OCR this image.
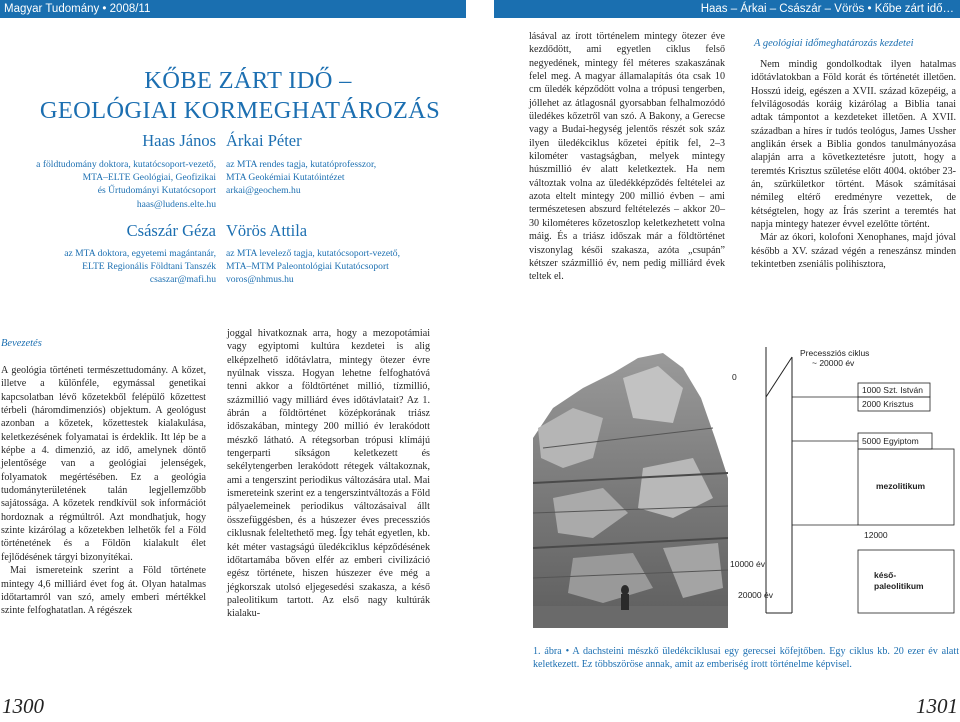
Magyar Tudomány • 2008/11	Haas – Árkai – Császár – Vörös • Kőbe zárt idő…
KŐBE ZÁRT IDŐ –
GEOLÓGIAI KORMEGHATÁROZÁS
Haas János
a földtudomány doktora, kutatócsoport-vezető,
MTA–ELTE Geológiai, Geofizikai
és Űrtudományi Kutatócsoport
haas@ludens.elte.hu
Árkai Péter
az MTA rendes tagja, kutatóprofesszor,
MTA Geokémiai Kutatóintézet
arkai@geochem.hu
Császár Géza
az MTA doktora, egyetemi magántanár,
ELTE Regionális Földtani Tanszék
csaszar@mafi.hu
Vörös Attila
az MTA levelező tagja, kutatócsoport-vezető,
MTA–MTM Paleontológiai Kutatócsoport
voros@nhmus.hu
Bevezetés

A geológia történeti természettudomány. A kőzet, illetve a különféle, egymással genetikai kapcsolatban lévő kőzetekből felépülő kőzettest térbeli (háromdimenziós) objektum. A geológust azonban a kőzetek, kőzettestek kialakulása, keletkezésének folyamatai is érdeklik. Itt lép be a képbe a 4. dimenzió, az idő, amelynek döntő jelentősége van a geológiai jelenségek, folyamatok megértésében. Ez a geológia tudományterületének talán legjellemzőbb sajátossága. A kőzetek rendkívül sok információt hordoznak a régmúltról. Azt mondhatjuk, hogy szinte kizárólag a kőzetekben lelhetők fel a Föld történetének és a Földön kialakult élet fejlődésének tárgyi bizonyítékai.

Mai ismereteink szerint a Föld története mintegy 4,6 milliárd évet fog át. Olyan hatalmas időtartamról van szó, amely emberi mértékkel szinte felfoghatatlan. A régészek

joggal hivatkoznak arra, hogy a mezopotámiai vagy egyiptomi kultúra kezdetei is alig elképzelhető időtávlatra, mintegy ötezer évre nyúlnak vissza. Hogyan lehetne felfoghatóvá tenni akkor a földtörténet millió, tízmillió, százmillió vagy milliárd éves időtávlatait? Az 1. ábrán a földtörténet középkorának triász időszakában, mintegy 200 millió év lerakódott mészkő látható. A rétegsorban trópusi klímájú tengerparti síkságon keletkezett és sekélytengerben lerakódott rétegek váltakoznak, ami a tengerszint periodikus változására utal. Mai ismereteink szerint ez a tengerszintváltozás a Föld pályaelemeinek periodikus változásaival állt összefüggésben, és a húszezer éves precessziós ciklusnak feleltethető meg. Így tehát egyetlen, kb. két méter vastagságú üledékciklus képződésének időtartamába bőven elfér az emberi civilizáció egész története, hiszen húszezer éve még a jégkorszak utolsó eljegesedési szakasza, a késő paleolitikum tartott. Az első nagy kultúrák kialaku-

lásával az írott történelem mintegy ötezer éve kezdődött, ami egyetlen ciklus felső negyedének, mintegy fél méteres szakaszának felel meg. A magyar államalapítás óta csak 10 cm üledék képződött volna a trópusi tengerben, jóllehet az átlagosnál gyorsabban felhalmozódó üledékes kőzetről van szó. A Bakony, a Gerecse vagy a Budai-hegység jelentős részét sok száz ilyen üledékciklus kőzetei építik fel, 2–3 kilométer vastagságban, melyek mintegy húszmillió év alatt keletkeztek. Ha nem változtak volna az üledékképződés feltételei az azota eltelt mintegy 200 millió évben – ami természetesen abszurd feltételezés – akkor 20–30 kilométeres kőzetoszlop keletkezhetett volna máig. És a triász időszak már a földtörténet viszonylag késői szakasza, azóta „csupán” kétszer százmillió év, nem pedig milliárd évek teltek el.

A geológiai időmeghatározás kezdetei

Nem mindig gondolkodtak ilyen hatalmas időtávlatokban a Föld korát és történetét illetően. Hosszú ideig, egészen a XVII. század közepéig, a felvilágosodás koráig kizárólag a Biblia tanai adtak támpontot a kezdeteket illetően. A XVII. században a híres ír tudós teológus, James Ussher anglikán érsek a Biblia gondos tanulmányozása alapján arra a következtetésre jutott, hogy a teremtés Krisztus születése előtt 4004. október 23-án, szürkületkor történt. Mások számításai némileg eltérő eredményre vezettek, de kétségtelen, hogy az Írás szerint a teremtés hat napja mintegy hatezer évvel ezelőtte történt.

Már az ókori, kolofoni Xenophanes, majd jóval később a XV. század végén a reneszánsz minden tekintetben zseniális polihisztora,

Precessziós ciklus
~ 20000 év
0
1000 Szt. István
2000 Krisztus
5000 Egyiptom
mezolitikum
12000
késő-
paleolitikum
10000 év
20000 év
1. ábra • A dachsteini mészkő üledékciklusai egy gerecsei kőfejtőben. Egy ciklus kb. 20 ezer év alatt keletkezett. Ez többszöröse annak, amit az emberiség írott történelme képvisel.
1300	1301
